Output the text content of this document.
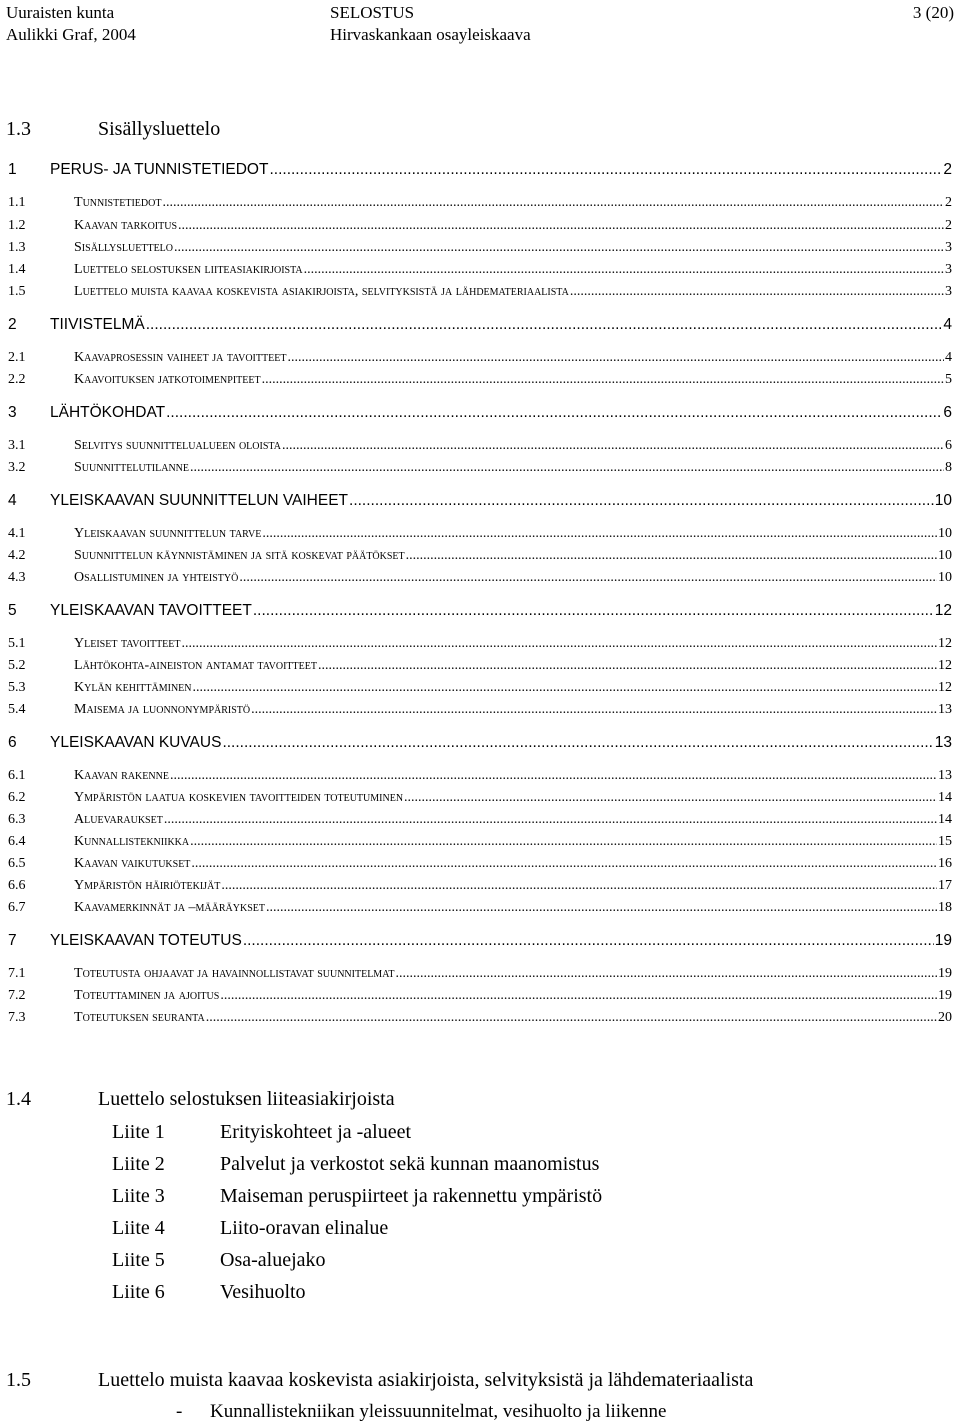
Uuraisten kunta
Aulikki Graf, 2004
SELOSTUS
Hirvaskankaan osayleiskaava
3 (20)
1.3	Sisällysluettelo
1	PERUS- JA TUNNISTETIEDOT .....	2
1.1	tunnistetiedot .....	2
1.2	kaavan tarkoitus .....	2
1.3	sisällysluettelo .....	3
1.4	luettelo selostuksen liiteasiakirjoista .....	3
1.5	luettelo muista kaavaa koskevista asiakirjoista, selvityksistä ja lähdemateriaalista .....	3
2	TIIVISTELMÄ .....	4
2.1	kaavaprosessin vaiheet ja tavoitteet .....	4
2.2	kaavoituksen jatkotoimenpiteet .....	5
3	LÄHTÖKOHDAT .....	6
3.1	selvitys suunnittelualueen oloista .....	6
3.2	suunnittelutilanne .....	8
4	YLEISKAAVAN SUUNNITTELUN VAIHEET .....	10
4.1	yleiskaavan suunnittelun tarve .....	10
4.2	suunnittelun käynnistäminen ja sitä koskevat päätökset .....	10
4.3	osallistuminen ja yhteistyö .....	10
5	YLEISKAAVAN TAVOITTEET .....	12
5.1	yleiset tavoitteet .....	12
5.2	lähtökohta-aineiston antamat tavoitteet .....	12
5.3	kylän kehittäminen .....	12
5.4	maisema ja luonnonympäristö .....	13
6	YLEISKAAVAN KUVAUS .....	13
6.1	kaavan rakenne .....	13
6.2	ympäristön laatua koskevien tavoitteiden toteutuminen .....	14
6.3	aluevaraukset .....	14
6.4	kunnallistekniikka .....	15
6.5	kaavan vaikutukset .....	16
6.6	ympäristön häiriötekijät .....	17
6.7	kaavamerkinnät ja –määräykset .....	18
7	YLEISKAAVAN TOTEUTUS .....	19
7.1	toteutusta ohjaavat ja havainnollistavat suunnitelmat .....	19
7.2	toteuttaminen ja ajoitus .....	19
7.3	toteutuksen seuranta .....	20
1.4	Luettelo selostuksen liiteasiakirjoista
Liite 1	Erityiskohteet ja -alueet
Liite 2	Palvelut ja verkostot sekä kunnan maanomistus
Liite 3	Maiseman peruspiirteet ja rakennettu ympäristö
Liite 4	Liito-oravan elinalue
Liite 5	Osa-aluejako
Liite 6	Vesihuolto
1.5	Luettelo muista kaavaa koskevista asiakirjoista, selvityksistä ja lähdemateriaalista
- Kunnallistekniikan yleissuunnitelmat, vesihuolto ja liikenne
